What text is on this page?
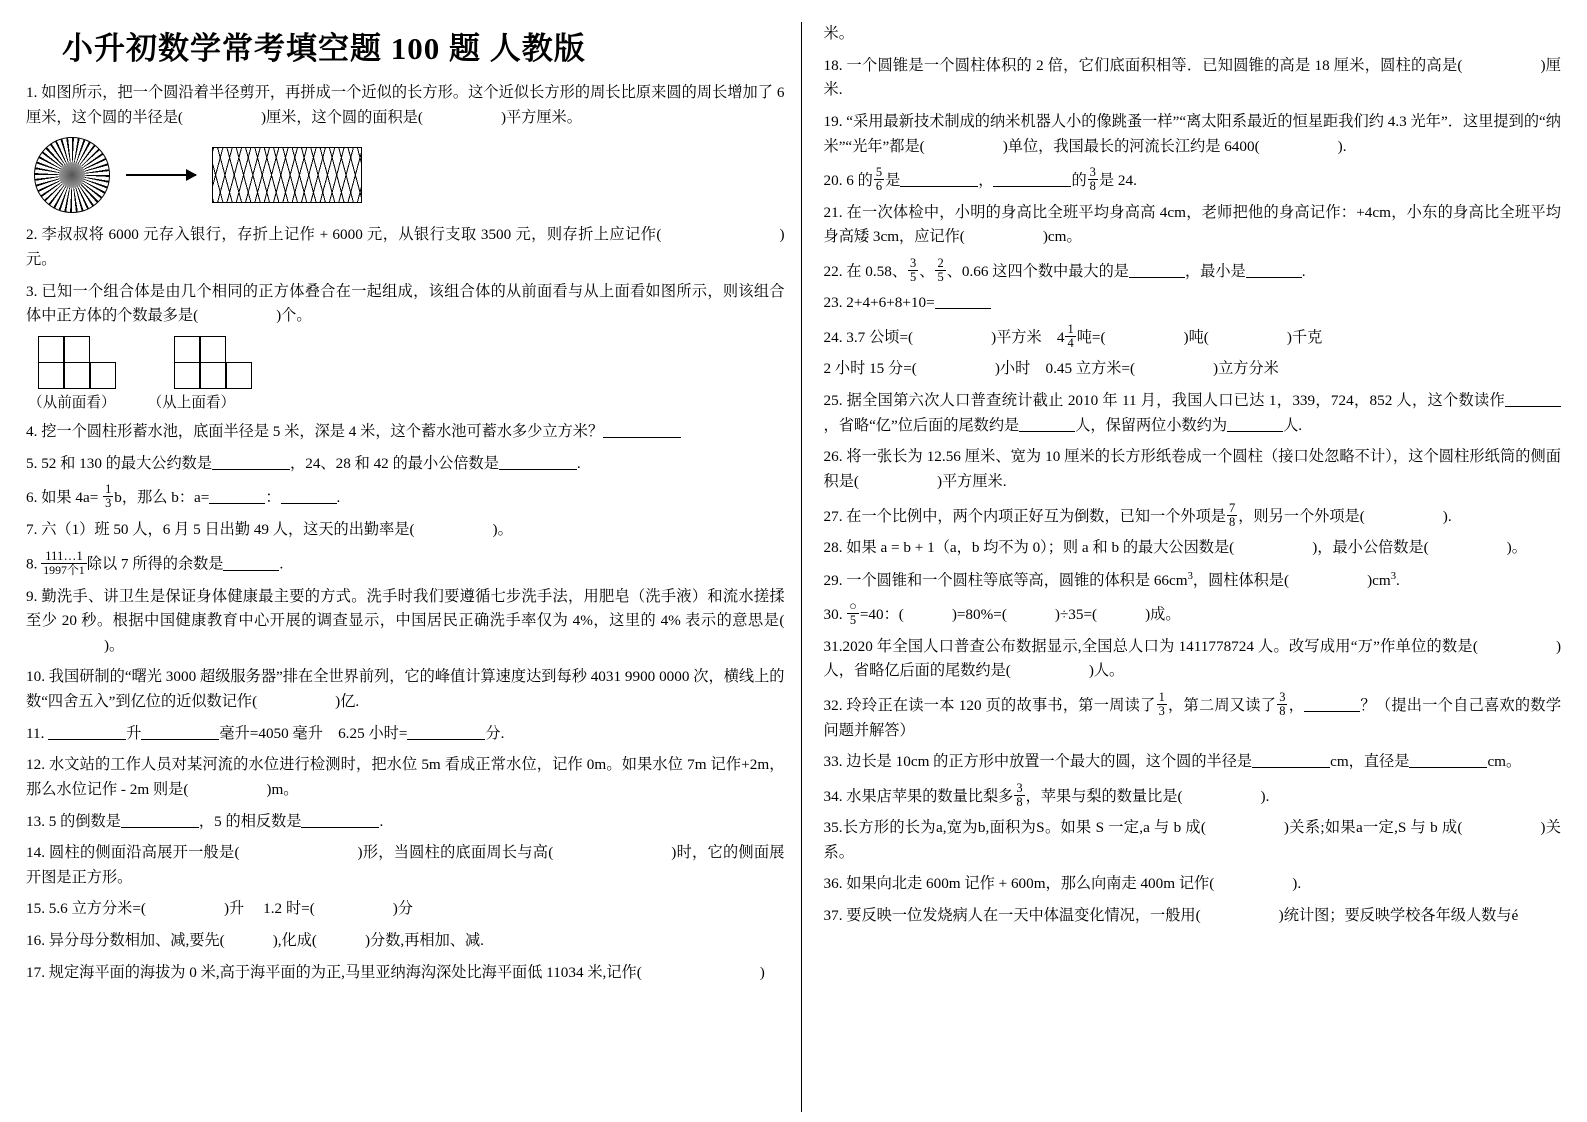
小升初数学常考填空题 100 题 人教版

1. 如图所示，把一个圆沿着半径剪开，再拼成一个近似的长方形。这个近似长方形的周长比原来圆的周长增加了 6 厘米，这个圆的半径是(	)厘米，这个圆的面积是(	)平方厘米。

2. 李叔叔将 6000 元存入银行，存折上记作 + 6000 元，从银行支取 3500 元，则存折上应记作(	)元。

3. 已知一个组合体是由几个相同的正方体叠合在一起组成，该组合体的从前面看与从上面看如图所示，则该组合体中正方体的个数最多是(	)个。

（从前面看） （从上面看）

4. 挖一个圆柱形蓄水池，底面半径是 5 米，深是 4 米，这个蓄水池可蓄水多少立方米？

5. 52 和 130 的最大公约数是	，24、28 和 42 的最小公倍数是	.

6. 如果 $4a= \frac{1}{3}$ b，那么 b：a=	：	.

7. 六（1）班 50 人，6 月 5 日出勤 49 人，这天的出勤率是(	)。

8. $\frac{111\dots 1}{\text{1997个1}}$ 除以 7 所得的余数是	.

9. 勤洗手、讲卫生是保证身体健康最主要的方式。洗手时我们要遵循七步洗手法，用肥皂（洗手液）和流水搓揉至少 20 秒。根据中国健康教育中心开展的调查显示，中国居民正确洗手率仅为 4%，这里的 4% 表示的意思是()。

10. 我国研制的“曙光 3000 超级服务器”排在全世界前列，它的峰值计算速度达到每秒 4031 9900 0000 次，横线上的数“四舍五入”到亿位的近似数记作(	)亿.

11.	升	毫升=4050 毫升    6.25 小时=	分.

12. 水文站的工作人员对某河流的水位进行检测时，把水位 5m 看成正常水位，记作 0m。如果水位 7m 记作+2m，那么水位记作 - 2m 则是(	)m。

13. 5 的倒数是	，5 的相反数是	.

14. 圆柱的侧面沿高展开一般是(	)形，当圆柱的底面周长与高(	)时，它的侧面展开图是正方形。

15. 5.6 立方分米=(	)升     1.2 时=(	)分

16. 异分母分数相加、减,要先(	),化成(	)分数,再相加、减.

17. 规定海平面的海拔为 0 米,高于海平面的为正,马里亚纳海沟深处比海平面低 11034 米,记作(	)

米。

18. 一个圆锥是一个圆柱体积的 2 倍，它们底面积相等．已知圆锥的高是 18 厘米，圆柱的高是(	)厘米.

19. “采用最新技术制成的纳米机器人小的像跳蚤一样”“离太阳系最近的恒星距我们约 4.3 光年”．这里提到的“纳米”“光年”都是(	)单位，我国最长的河流长江约是 6400(	).

20. 6 的 $\frac{5}{6}$ 是	，	的 $\frac{3}{8}$ 是 24.

21. 在一次体检中，小明的身高比全班平均身高高 4cm，老师把他的身高记作：+4cm，小东的身高比全班平均身高矮 3cm，应记作(	)cm。

22. 在 0.58、 $\frac{3}{5}$ 、 $\frac{2}{5}$ 、0.66 这四个数中最大的是	，最小是	.

23. 2+4+6+8+10=

24. 3.7 公顷=(	)平方米    $4 \frac{1}{4}$ 吨=(	)吨(	)千克

2 小时 15 分=(	)小时    0.45 立方米=(	)立方分米

25. 据全国第六次人口普查统计截止 2010 年 11 月，我国人口已达 1，339，724，852 人，这个数读作，省略“亿”位后面的尾数约是	人，保留两位小数约为	人.

26. 将一张长为 12.56 厘米、宽为 10 厘米的长方形纸卷成一个圆柱（接口处忽略不计），这个圆柱形纸筒的侧面积是(	)平方厘米.

27. 在一个比例中，两个内项正好互为倒数，已知一个外项是 $\frac{7}{8}$ ，则另一个外项是(	).

28. 如果 a = b + 1（a，b 均不为 0）；则 a 和 b 的最大公因数是(	)，最小公倍数是(	)。

29. 一个圆锥和一个圆柱等底等高，圆锥的体积是 $66cm^3$，圆柱体积是(	)$cm^3$.

30. $\frac{○}{5} =40$：(	)=80%=(	)÷35=(	)成。

31.2020 年全国人口普查公布数据显示,全国总人口为 1411778724 人。改写成用“万”作单位的数是(	)人，省略亿后面的尾数约是(	)人。

32. 玲玲正在读一本 120 页的故事书，第一周读了 $\frac{1}{3}$ ，第二周又读了 $\frac{3}{8}$ ，	？（提出一个自己喜欢的数学问题并解答）

33. 边长是 10cm 的正方形中放置一个最大的圆，这个圆的半径是	cm，直径是	cm。

34. 水果店苹果的数量比梨多 $\frac{3}{8}$ ，苹果与梨的数量比是(	).

35.长方形的长为a,宽为b,面积为S。如果 S 一定,a 与 b 成(	)关系;如果a一定,S 与 b 成(	)关系。

36. 如果向北走 600m 记作 + 600m，那么向南走 400m 记作(	).

37. 要反映一位发烧病人在一天中体温变化情况，一般用(	)统计图；要反映学校各年级人数与é
